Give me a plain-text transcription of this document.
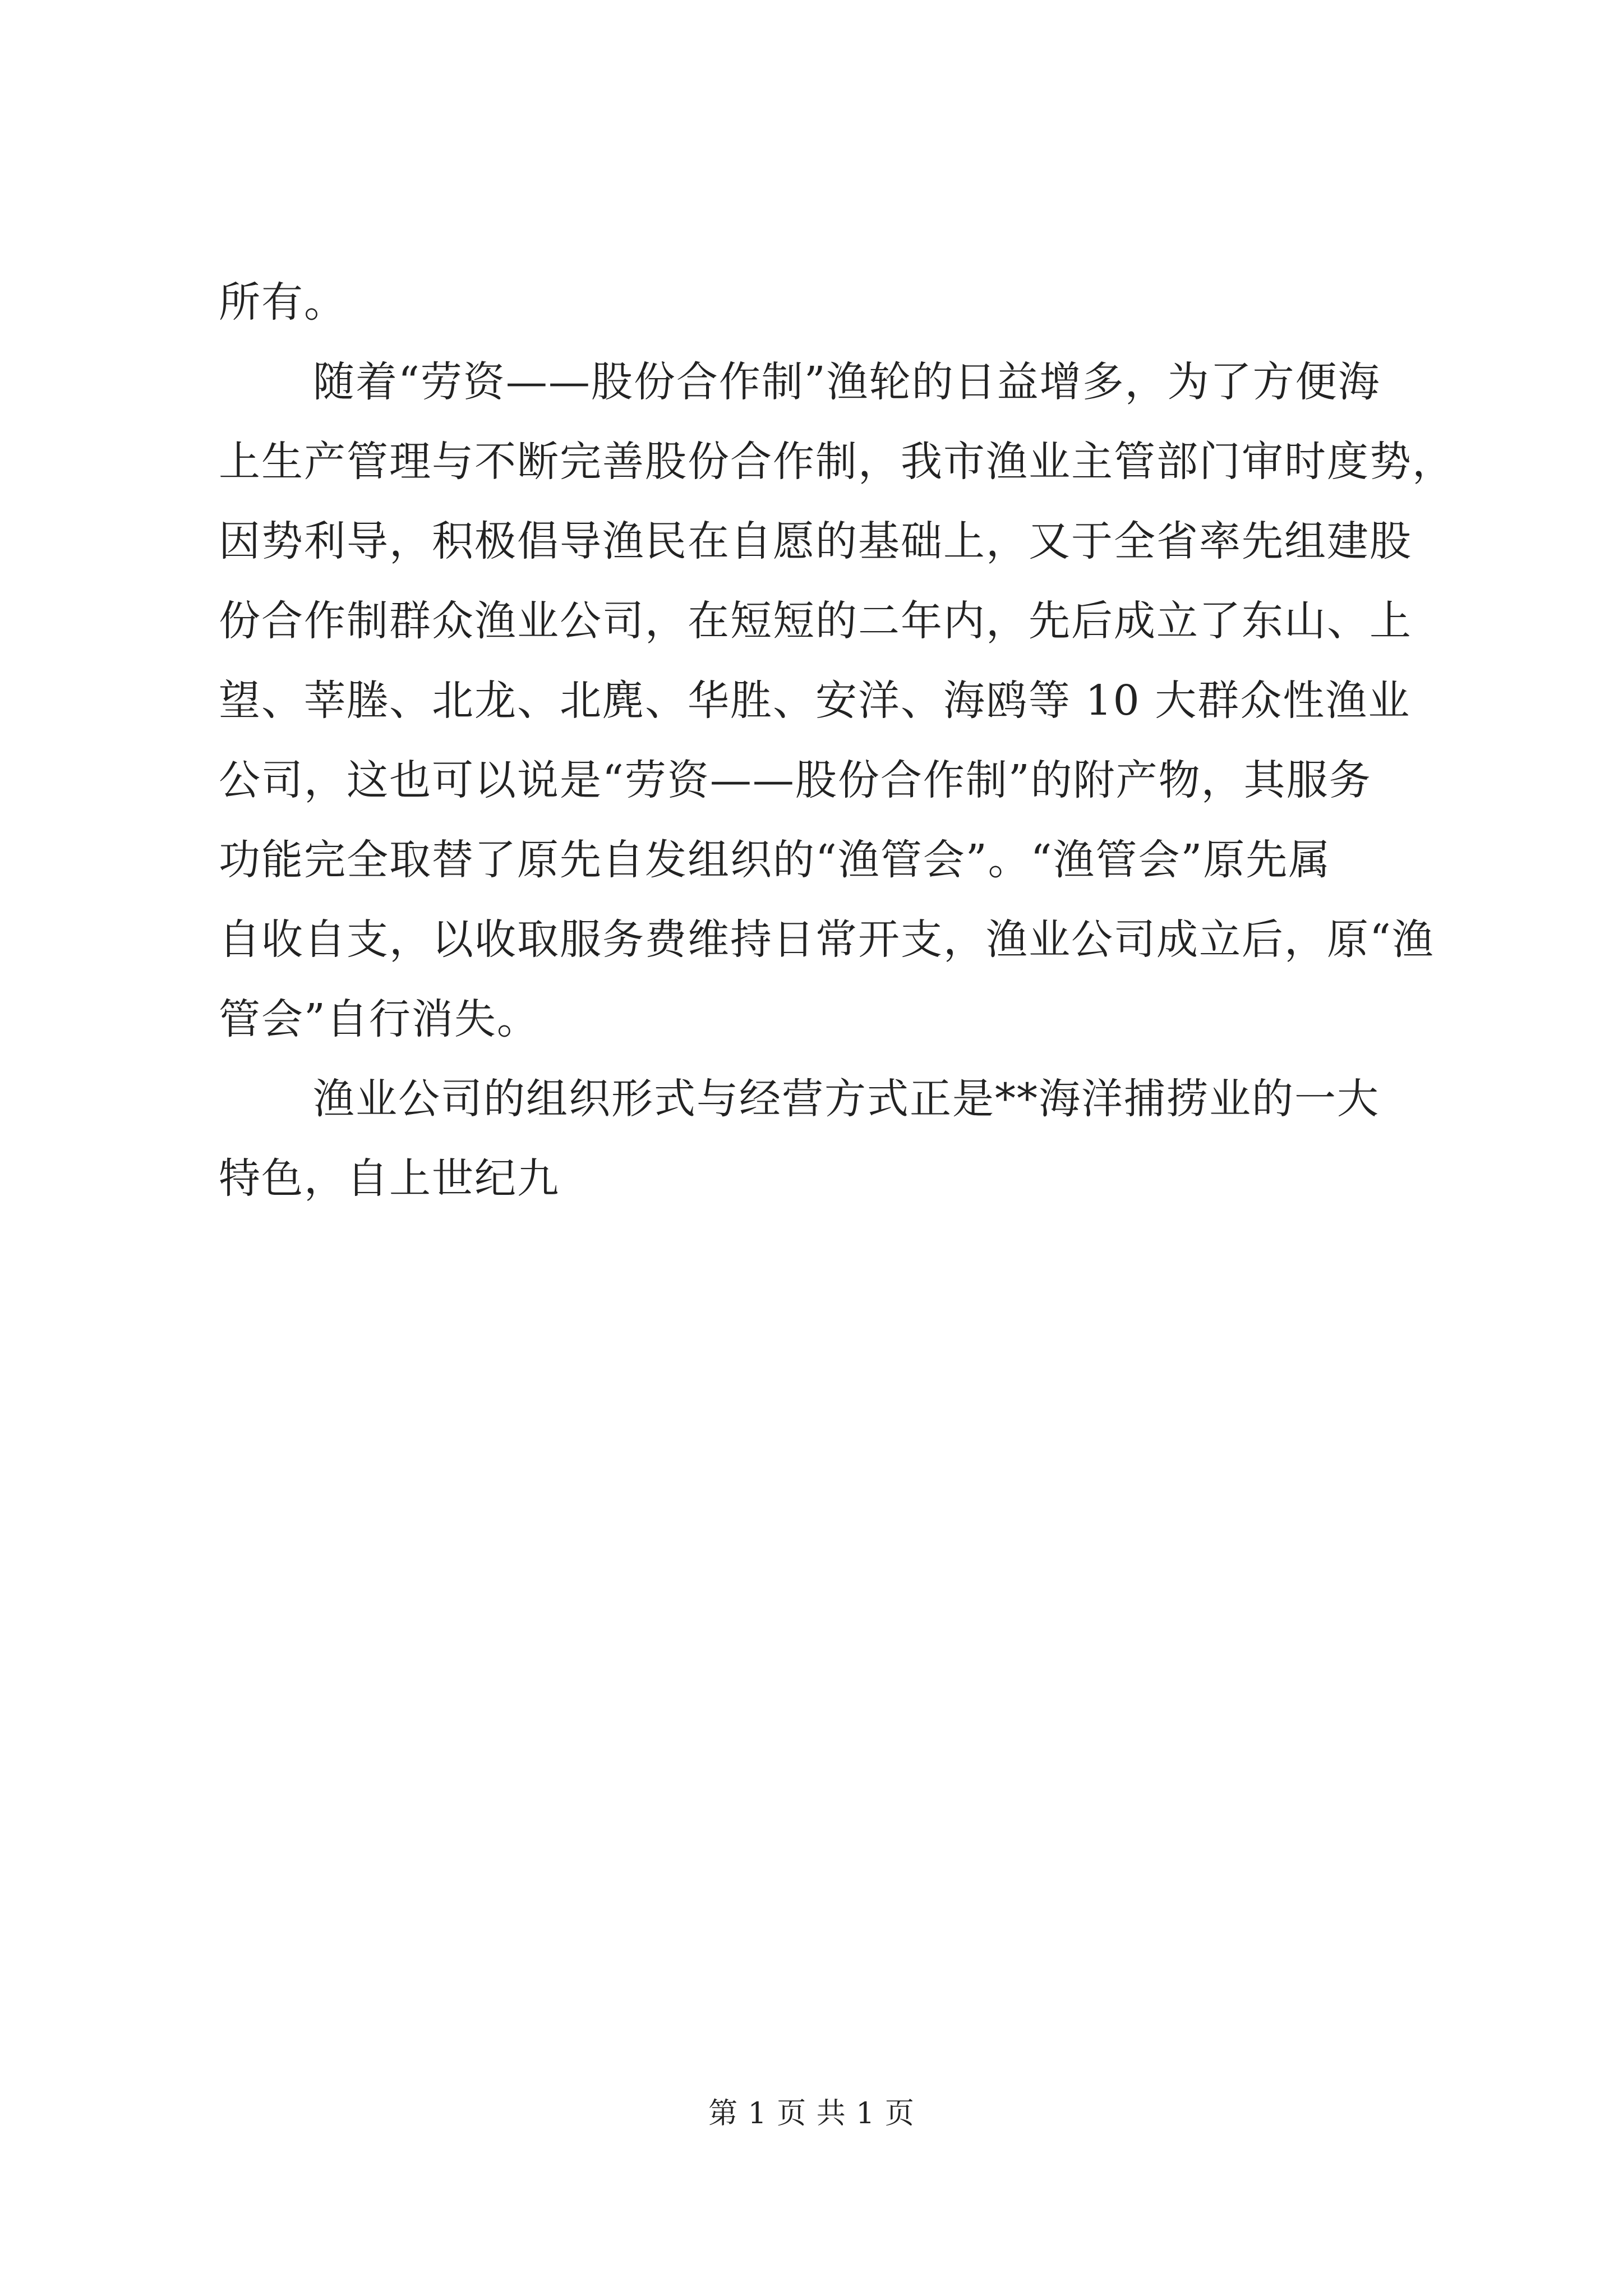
所有。
随着“劳资——股份合作制”渔轮的日益增多，为了方便海
上生产管理与不断完善股份合作制，我市渔业主管部门审时度势，
因势利导，积极倡导渔民在自愿的基础上，又于全省率先组建股
份合作制群众渔业公司，在短短的二年内，先后成立了东山、上
望、莘塍、北龙、北麂、华胜、安洋、海鸥等 10 大群众性渔业
公司，这也可以说是“劳资——股份合作制”的附产物，其服务
功能完全取替了原先自发组织的“渔管会”。“渔管会”原先属
自收自支，以收取服务费维持日常开支，渔业公司成立后，原“渔
管会”自行消失。
渔业公司的组织形式与经营方式正是**海洋捕捞业的一大
特色，自上世纪九
第 1 页 共 1 页
